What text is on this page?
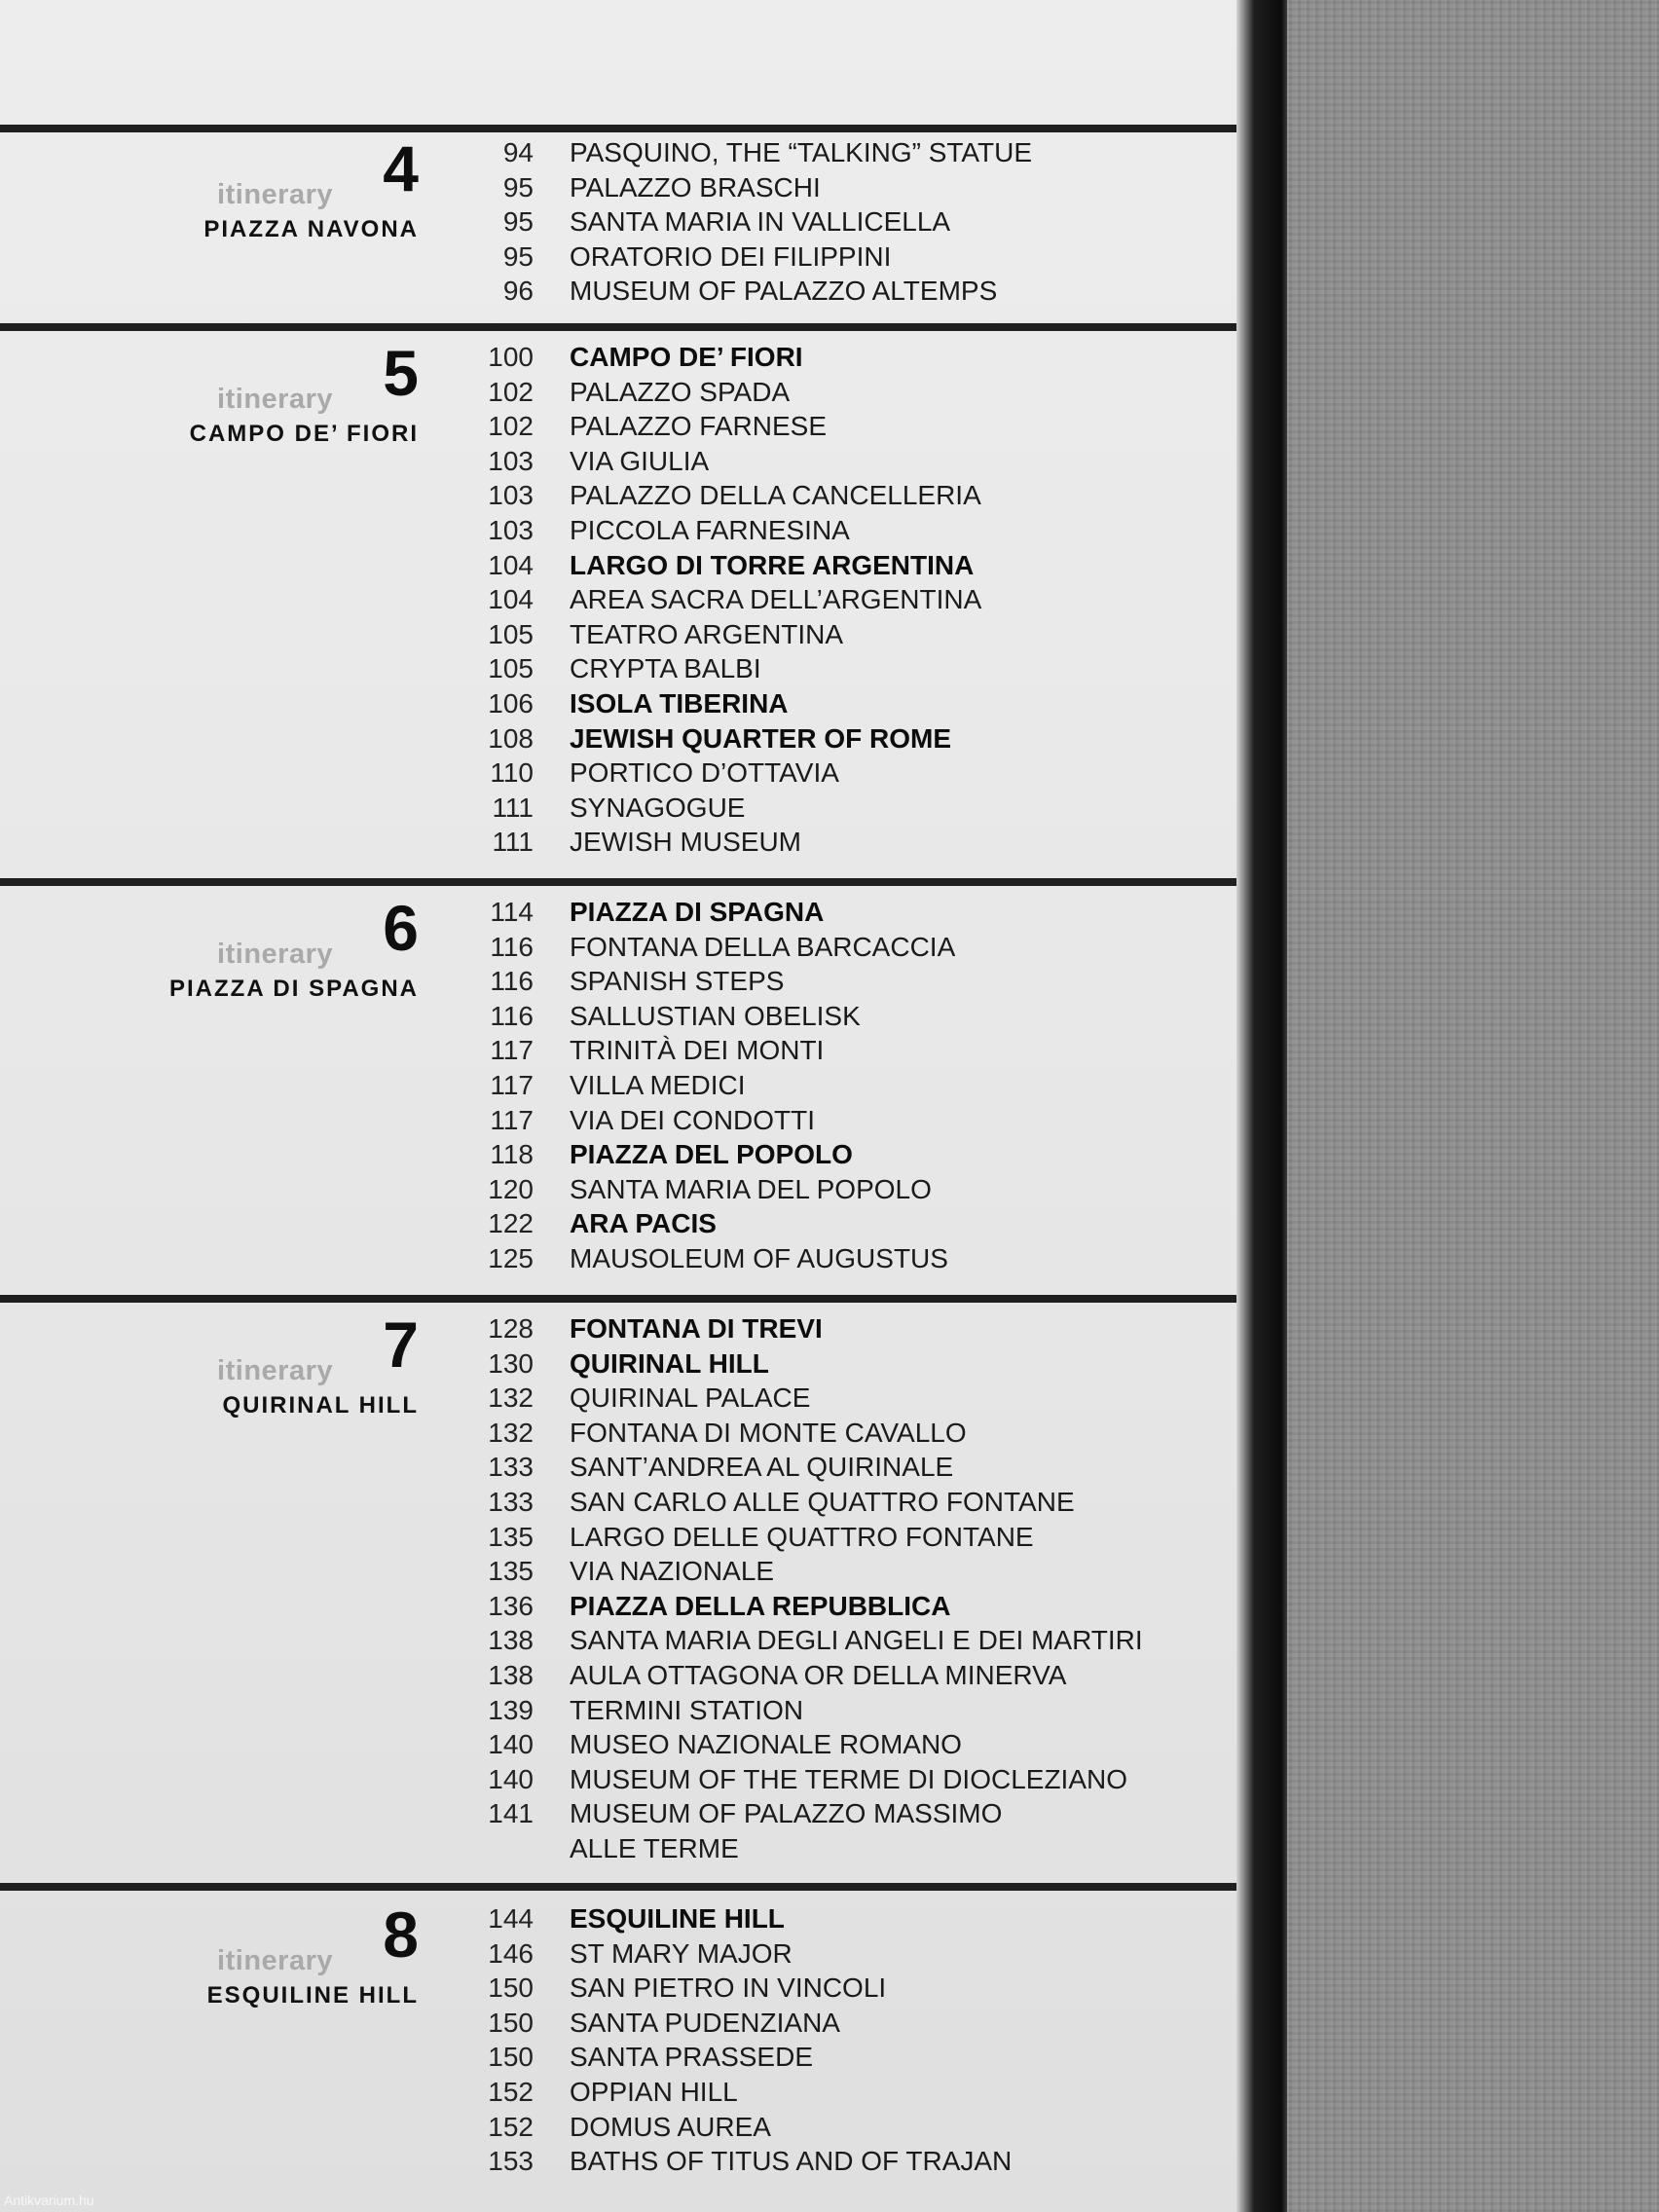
itinerary 4
PIAZZA NAVONA
94 PASQUINO, THE “TALKING” STATUE
95 PALAZZO BRASCHI
95 SANTA MARIA IN VALLICELLA
95 ORATORIO DEI FILIPPINI
96 MUSEUM OF PALAZZO ALTEMPS
itinerary 5
CAMPO DE’ FIORI
100 CAMPO DE’ FIORI
102 PALAZZO SPADA
102 PALAZZO FARNESE
103 VIA GIULIA
103 PALAZZO DELLA CANCELLERIA
103 PICCOLA FARNESINA
104 LARGO DI TORRE ARGENTINA
104 AREA SACRA DELL’ARGENTINA
105 TEATRO ARGENTINA
105 CRYPTA BALBI
106 ISOLA TIBERINA
108 JEWISH QUARTER OF ROME
110 PORTICO D’OTTAVIA
111 SYNAGOGUE
111 JEWISH MUSEUM
itinerary 6
PIAZZA DI SPAGNA
114 PIAZZA DI SPAGNA
116 FONTANA DELLA BARCACCIA
116 SPANISH STEPS
116 SALLUSTIAN OBELISK
117 TRINITÀ DEI MONTI
117 VILLA MEDICI
117 VIA DEI CONDOTTI
118 PIAZZA DEL POPOLO
120 SANTA MARIA DEL POPOLO
122 ARA PACIS
125 MAUSOLEUM OF AUGUSTUS
itinerary 7
QUIRINAL HILL
128 FONTANA DI TREVI
130 QUIRINAL HILL
132 QUIRINAL PALACE
132 FONTANA DI MONTE CAVALLO
133 SANT’ANDREA AL QUIRINALE
133 SAN CARLO ALLE QUATTRO FONTANE
135 LARGO DELLE QUATTRO FONTANE
135 VIA NAZIONALE
136 PIAZZA DELLA REPUBBLICA
138 SANTA MARIA DEGLI ANGELI E DEI MARTIRI
138 AULA OTTAGONA OR DELLA MINERVA
139 TERMINI STATION
140 MUSEO NAZIONALE ROMANO
140 MUSEUM OF THE TERME DI DIOCLEZIANO
141 MUSEUM OF PALAZZO MASSIMO
ALLE TERME
itinerary 8
ESQUILINE HILL
144 ESQUILINE HILL
146 ST MARY MAJOR
150 SAN PIETRO IN VINCOLI
150 SANTA PUDENZIANA
150 SANTA PRASSEDE
152 OPPIAN HILL
152 DOMUS AUREA
153 BATHS OF TITUS AND OF TRAJAN
Antikvarium.hu
